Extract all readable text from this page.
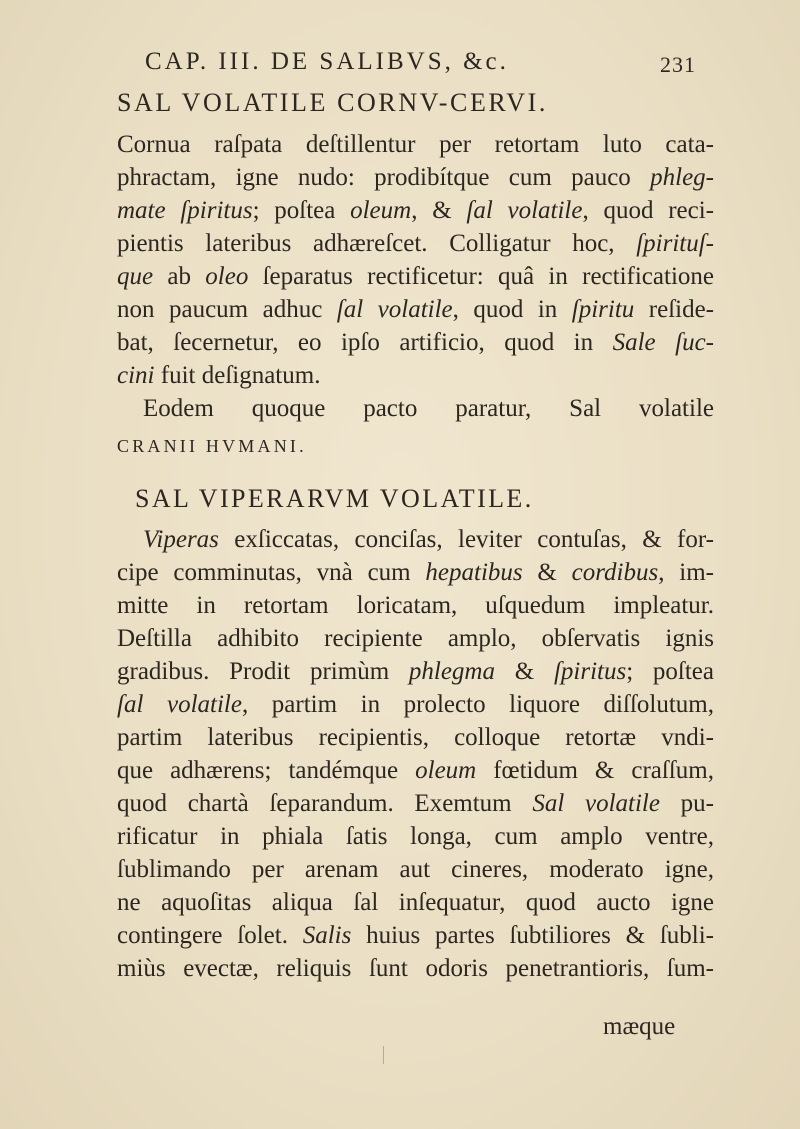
CAP. III. DE SALIBVS, &c.	231
SAL VOLATILE CORNV-CERVI.
Cornua raſpata deſtillentur per retortam luto cata-
phractam, igne nudo: prodibítque cum pauco phleg-
mate ſpiritus; poſtea oleum, & ſal volatile, quod reci-
pientis lateribus adhæreſcet. Colligatur hoc, ſpirituſ-
que ab oleo ſeparatus rectificetur: quâ in rectificatione
non paucum adhuc ſal volatile, quod in ſpiritu reſide-
bat, ſecernetur, eo ipſo artificio, quod in Sale ſuc-
cini fuit deſignatum.
Eodem quoque pacto paratur, Sal volatile
CRANII HVMANI.
SAL VIPERARVM VOLATILE.
Viperas exſiccatas, conciſas, leviter contuſas, & for-
cipe comminutas, vnà cum hepatibus & cordibus, im-
mitte in retortam loricatam, uſquedum impleatur.
Deſtilla adhibito recipiente amplo, obſervatis ignis
gradibus. Prodit primùm phlegma & ſpiritus; poſtea
ſal volatile, partim in prolecto liquore diſſolutum,
partim lateribus recipientis, colloque retortæ vndi-
que adhærens; tandémque oleum fœtidum & craſſum,
quod chartà ſeparandum. Exemtum Sal volatile pu-
rificatur in phiala ſatis longa, cum amplo ventre,
ſublimando per arenam aut cineres, moderato igne,
ne aquoſitas aliqua ſal inſequatur, quod aucto igne
contingere ſolet. Salis huius partes ſubtiliores & ſubli-
miùs evectæ, reliquis ſunt odoris penetrantioris, ſum-
mæque
